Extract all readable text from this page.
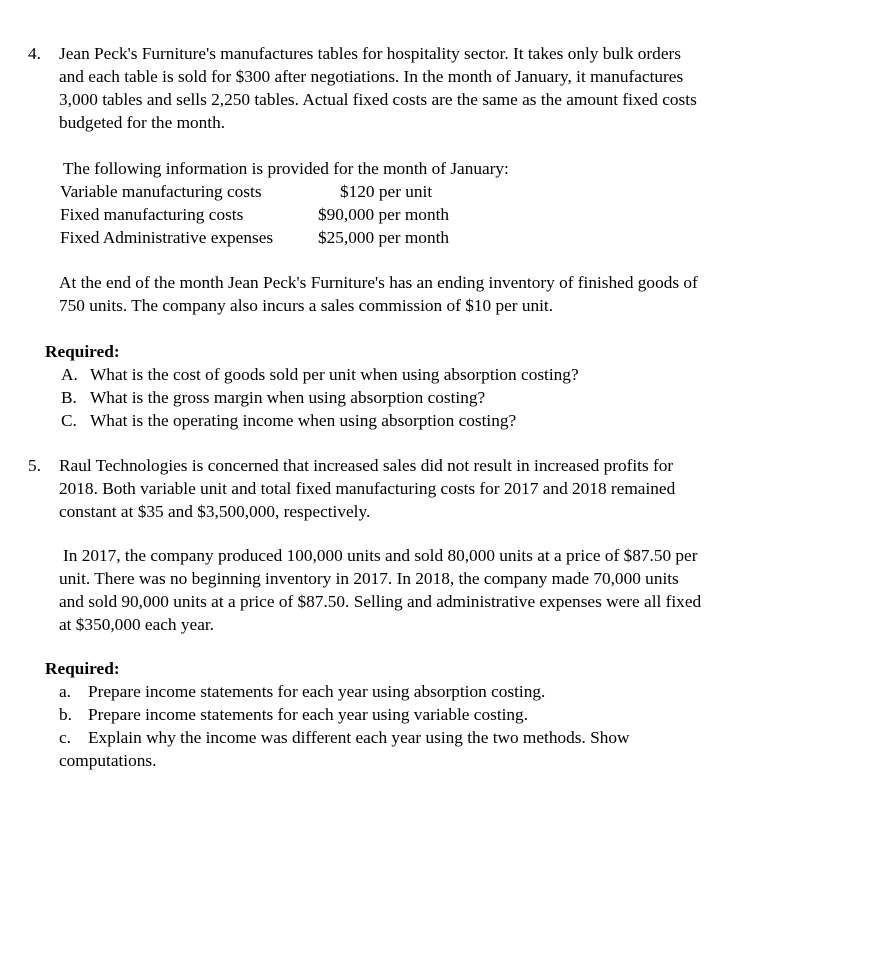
4. Jean Peck's Furniture's manufactures tables for hospitality sector. It takes only bulk orders
and each table is sold for $300 after negotiations. In the month of January, it manufactures
3,000 tables and sells 2,250 tables. Actual fixed costs are the same as the amount fixed costs
budgeted for the month.
The following information is provided for the month of January:
Variable manufacturing costs	$120 per unit
Fixed manufacturing costs	$90,000 per month
Fixed Administrative expenses	$25,000 per month
At the end of the month Jean Peck's Furniture's has an ending inventory of finished goods of
750 units. The company also incurs a sales commission of $10 per unit.
Required:
A. What is the cost of goods sold per unit when using absorption costing?
B. What is the gross margin when using absorption costing?
C. What is the operating income when using absorption costing?
5. Raul Technologies is concerned that increased sales did not result in increased profits for
2018. Both variable unit and total fixed manufacturing costs for 2017 and 2018 remained
constant at $35 and $3,500,000, respectively.
In 2017, the company produced 100,000 units and sold 80,000 units at a price of $87.50 per
unit. There was no beginning inventory in 2017. In 2018, the company made 70,000 units
and sold 90,000 units at a price of $87.50. Selling and administrative expenses were all fixed
at $350,000 each year.
Required:
a. Prepare income statements for each year using absorption costing.
b. Prepare income statements for each year using variable costing.
c. Explain why the income was different each year using the two methods. Show
computations.
